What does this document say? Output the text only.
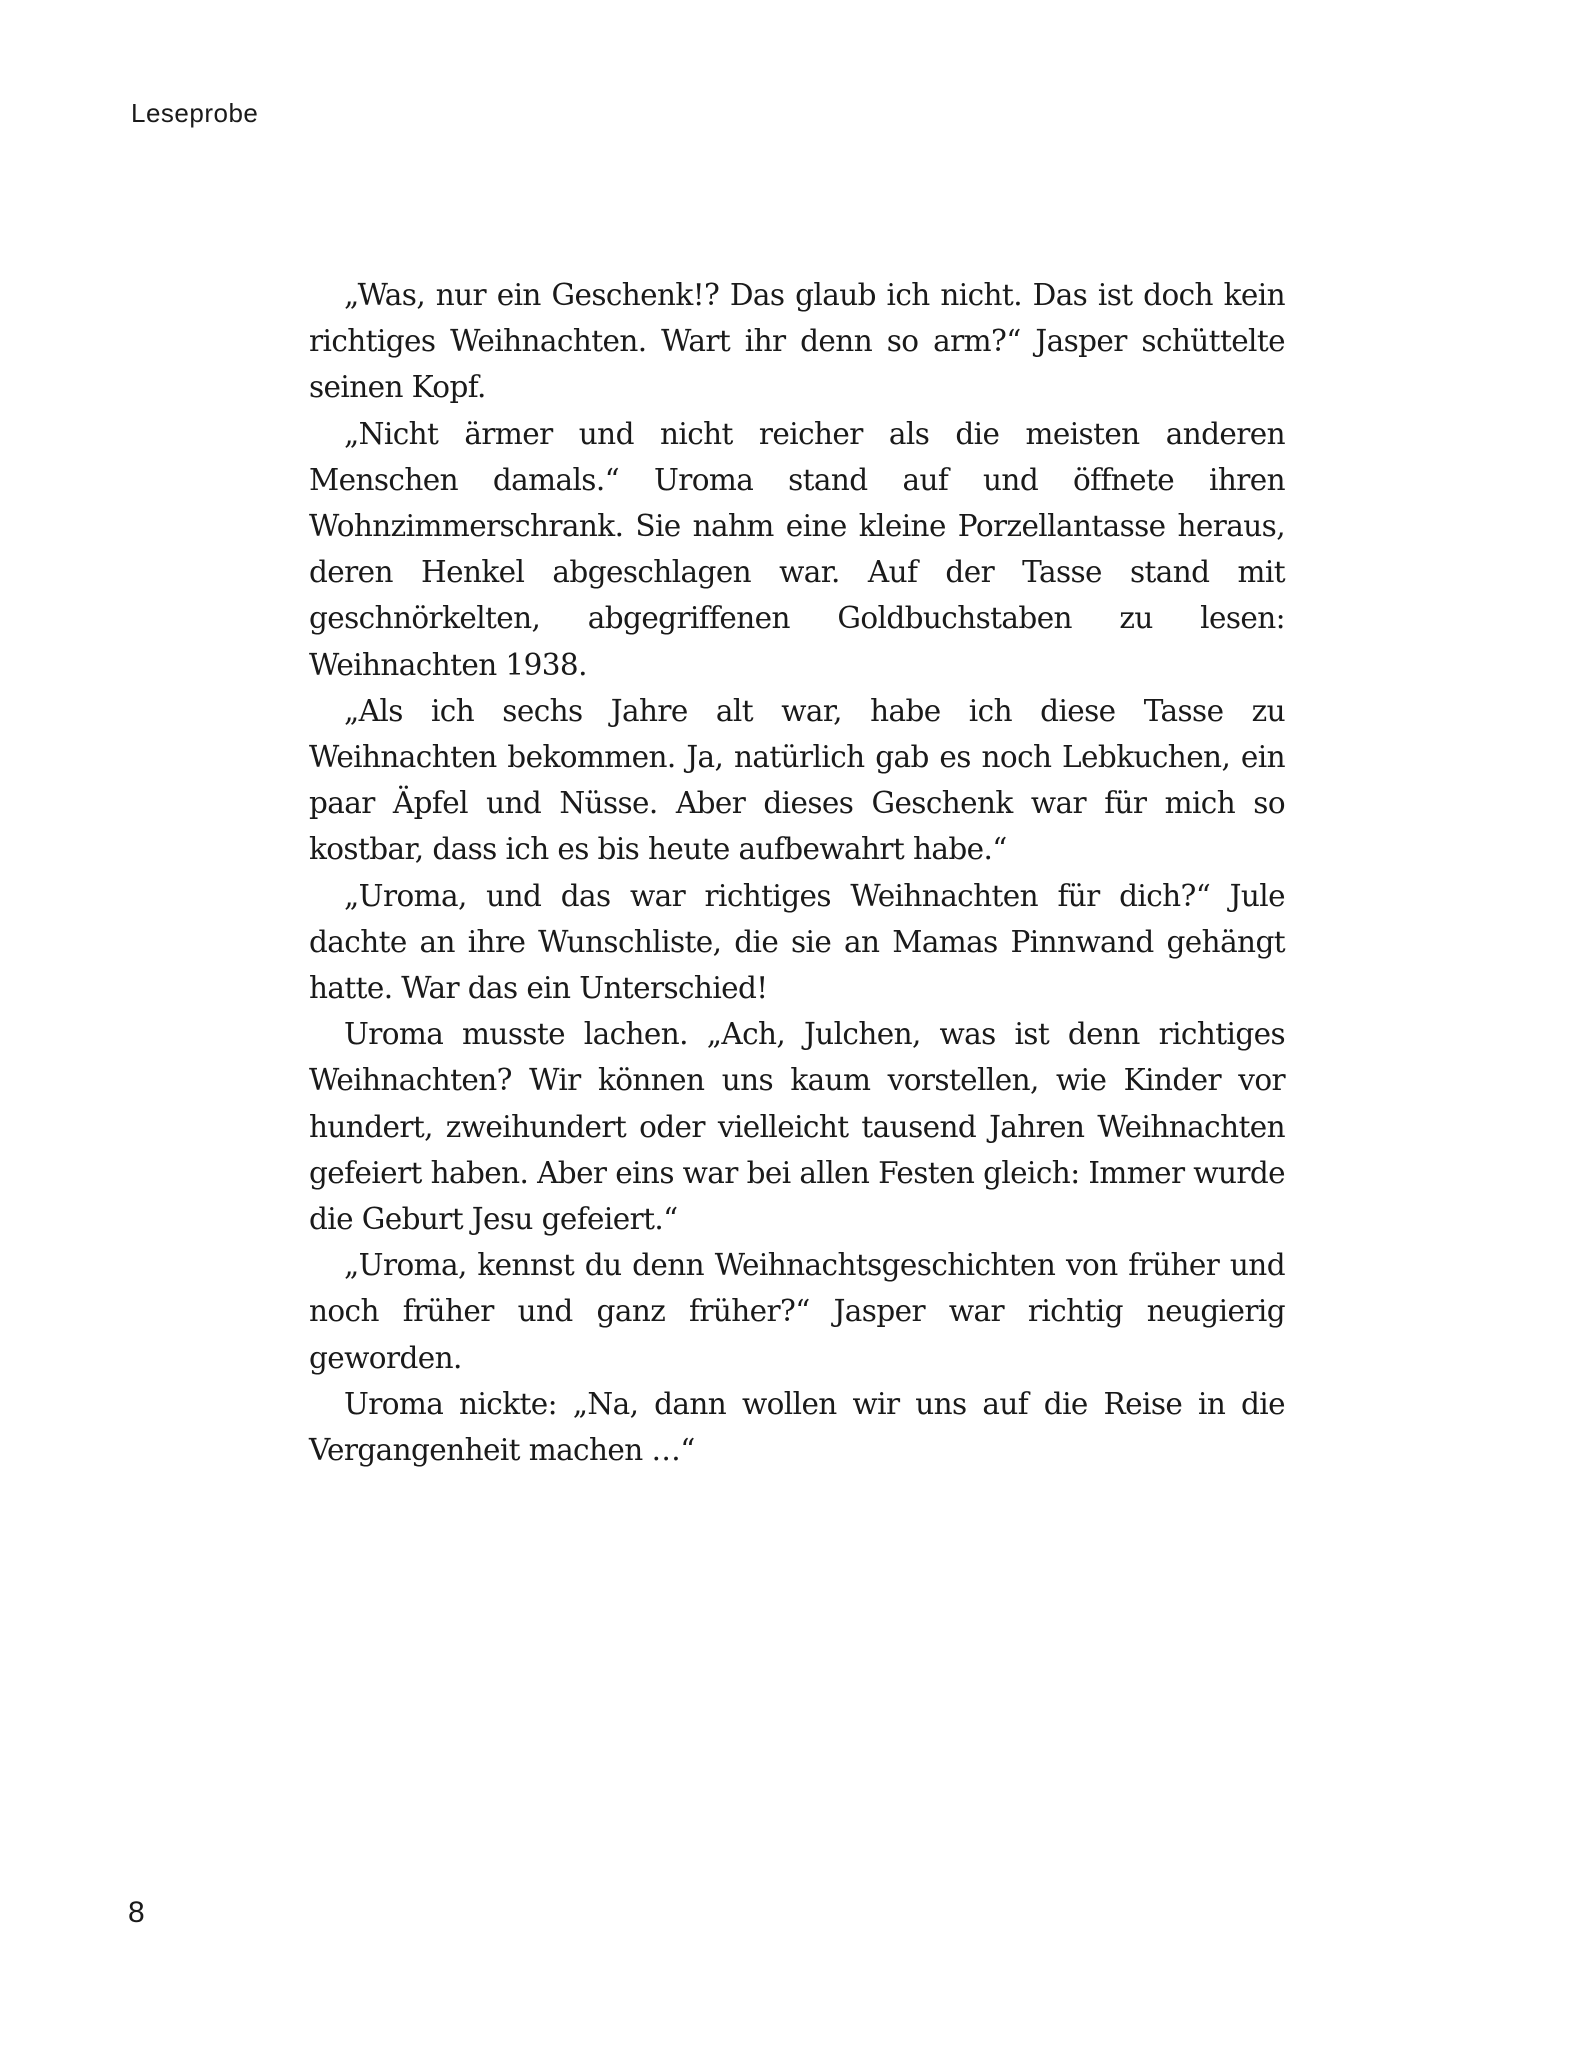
Leseprobe

„Was, nur ein Geschenk!? Das glaub ich nicht. Das ist doch kein richtiges Weihnachten. Wart ihr denn so arm?“ Jasper schüttelte seinen Kopf.

„Nicht ärmer und nicht reicher als die meisten anderen Menschen damals.“ Uroma stand auf und öffnete ihren Wohnzimmerschrank. Sie nahm eine kleine Porzellantasse heraus, deren Henkel abgeschlagen war. Auf der Tasse stand mit geschnörkelten, abgegriffenen Goldbuchstaben zu lesen: Weihnachten 1938.

„Als ich sechs Jahre alt war, habe ich diese Tasse zu Weihnachten bekommen. Ja, natürlich gab es noch Lebkuchen, ein paar Äpfel und Nüsse. Aber dieses Geschenk war für mich so kostbar, dass ich es bis heute aufbewahrt habe.“

„Uroma, und das war richtiges Weihnachten für dich?“ Jule dachte an ihre Wunschliste, die sie an Mamas Pinnwand gehängt hatte. War das ein Unterschied!

Uroma musste lachen. „Ach, Julchen, was ist denn richtiges Weihnachten? Wir können uns kaum vorstellen, wie Kinder vor hundert, zweihundert oder vielleicht tausend Jahren Weihnachten gefeiert haben. Aber eins war bei allen Festen gleich: Immer wurde die Geburt Jesu gefeiert.“

„Uroma, kennst du denn Weihnachtsgeschichten von früher und noch früher und ganz früher?“ Jasper war richtig neugierig geworden.

Uroma nickte: „Na, dann wollen wir uns auf die Reise in die Vergangenheit machen …“

8
